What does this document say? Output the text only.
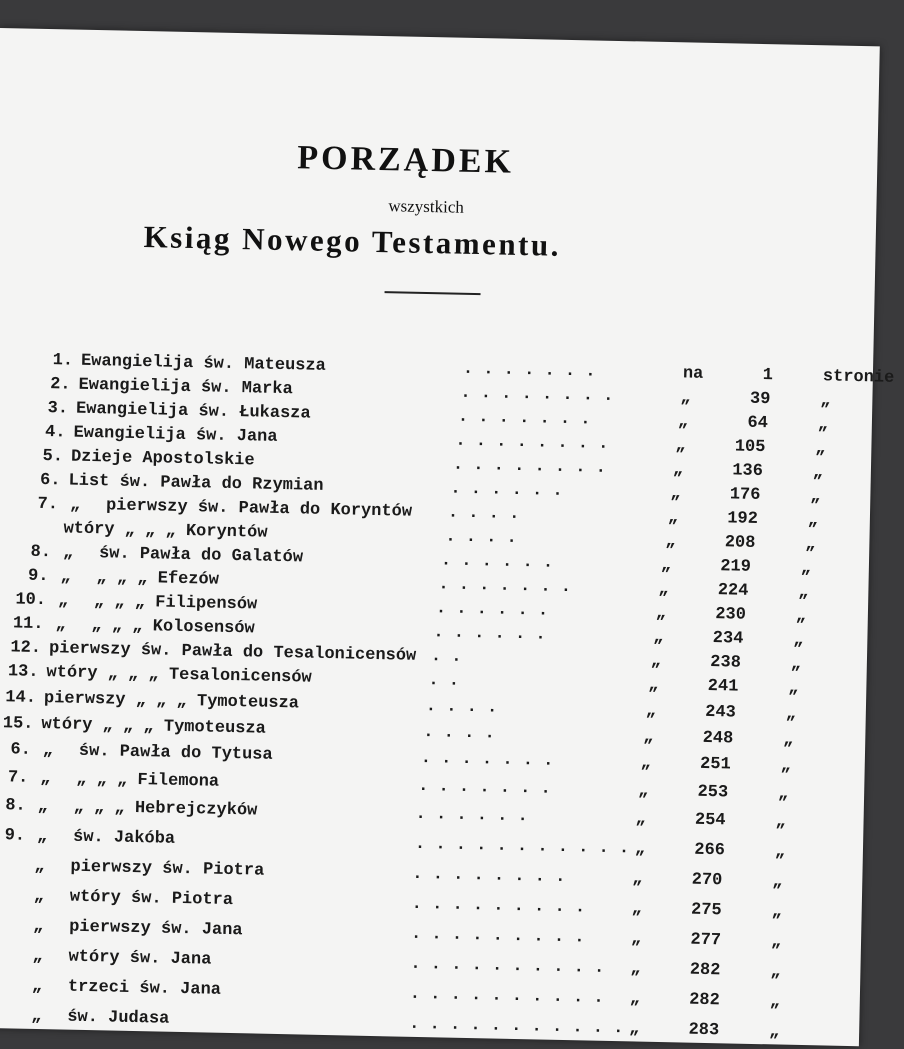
PORZĄDEK
wszystkich
Ksiąg Nowego Testamentu.
1. Ewangielija św. Mateusza	. . . . . . .	na	1	stronie
2. Ewangielija św. Marka	. . . . . . . .	„	39	„
3. Ewangielija św. Łukasza	. . . . . . .	„	64	„
4. Ewangielija św. Jana	. . . . . . . .	„	105	„
5. Dzieje Apostolskie	. . . . . . . .	„	136	„
6. List św. Pawła do Rzymian	. . . . . .	„	176	„
7. „ pierwszy św. Pawła do Koryntów . . . .	„	192	„
wtóry „ „ „ Koryntów	. . . .	„	208	„
8. „ św. Pawła do Galatów	. . . . . .	„	219	„
9. „ „ „ „ Efezów	. . . . . . .	„	224	„
10. „ „ „ „ Filipensów	. . . . . .	„	230	„
11. „ „ „ „ Kolosensów	. . . . . .	„	234	„
12. pierwszy św. Pawła do Tesalonicensów . .	„	238	„
13. wtóry „ „ „ Tesalonicensów	. .	„	241	„
14. pierwszy „ „ „ Tymoteusza	. . . .	„	243	„
15. wtóry „ „ „ Tymoteusza	. . . .	„	248	„
6. „ św. Pawła do Tytusa	. . . . . . .	„	251	„
7. „ „ „ „ Filemona	. . . . . . .	„	253	„
8. „ „ „ „ Hebrejczyków	. . . . . .	„	254	„
9. „ św. Jakóba	. . . . . . . . . . . „	266	„
„ pierwszy św. Piotra	. . . . . . . .	„	270	„
„ wtóry św. Piotra	. . . . . . . . .	„	275	„
„ pierwszy św. Jana	. . . . . . . . .	„	277	„
„ wtóry św. Jana	. . . . . . . . . . „	282	„
„ trzeci św. Jana	. . . . . . . . . . „	282	„
„ św. Judasa	. . . . . . . . . . . „	283	„
